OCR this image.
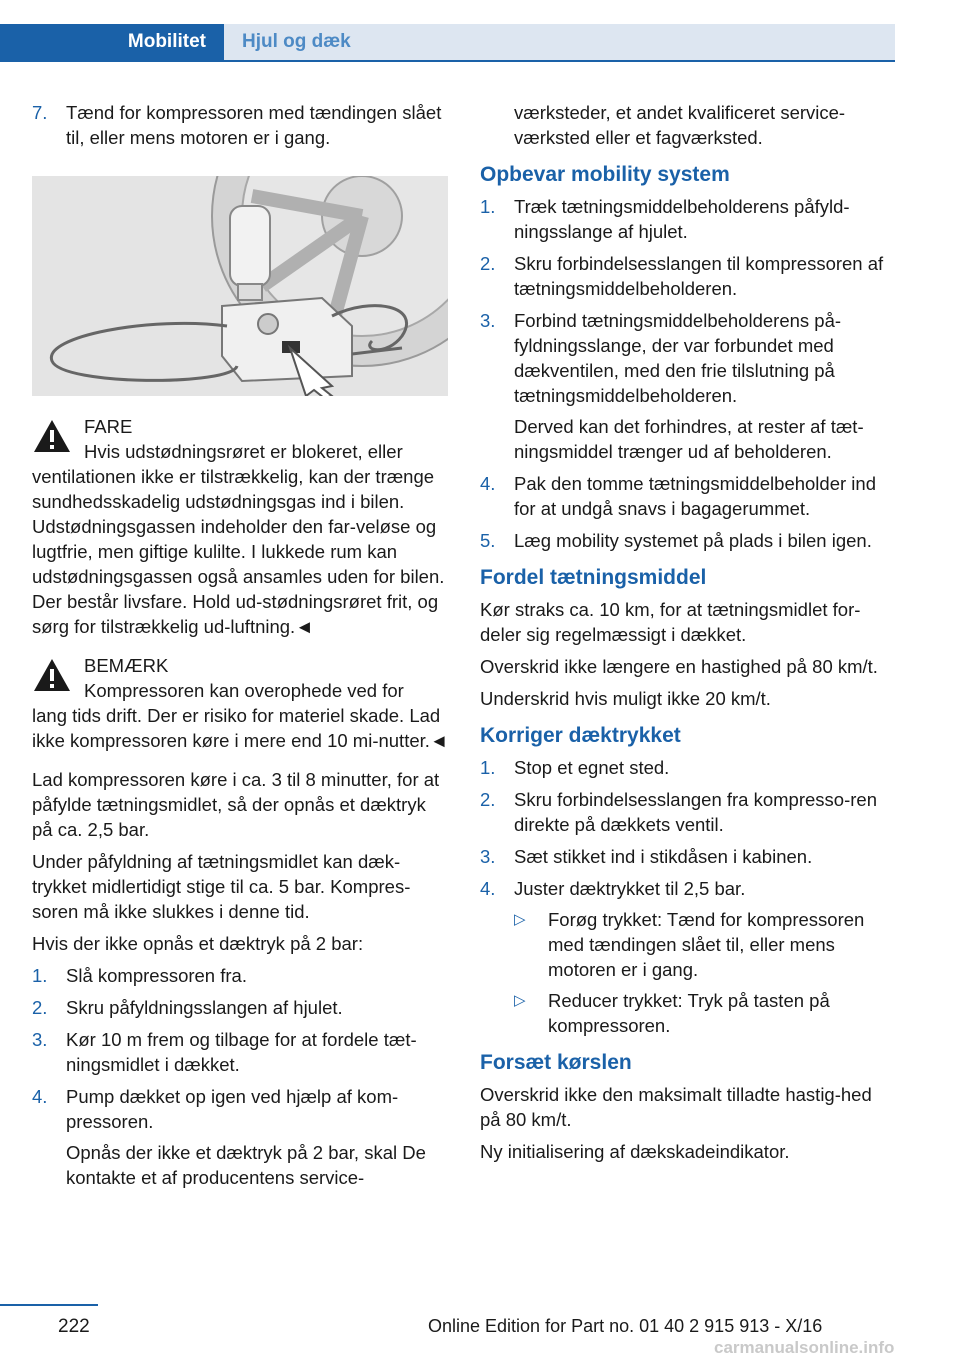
Mobilitet	Hjul og dæk
7. Tænd for kompressoren med tændingen slået til, eller mens motoren er i gang.

FARE

Hvis udstødningsrøret er blokeret, eller

ventilationen ikke er tilstrækkelig, kan der trænge sundhedsskadelig udstødningsgas ind i bilen. Udstødningsgassen indeholder den far-veløse og lugtfrie, men giftige kulilte. I lukkede rum kan udstødningsgassen også ansamles uden for bilen. Der består livsfare. Hold ud-stødningsrøret frit, og sørg for tilstrækkelig ud-luftning.◄

BEMÆRK

Kompressoren kan overophede ved for

lang tids drift. Der er risiko for materiel skade. Lad ikke kompressoren køre i mere end 10 mi-nutter.◄

Lad kompressoren køre i ca. 3 til 8 minutter, for at påfylde tætningsmidlet, så der opnås et dæktryk på ca. 2,5 bar.

Under påfyldning af tætningsmidlet kan dæk-trykket midlertidigt stige til ca. 5 bar. Kompres-soren må ikke slukkes i denne tid.

Hvis der ikke opnås et dæktryk på 2 bar:

1. Slå kompressoren fra.

2. Skru påfyldningsslangen af hjulet.

3. Kør 10 m frem og tilbage for at fordele tæt-ningsmidlet i dækket.

4. Pump dækket op igen ved hjælp af kom-pressoren.

Opnås der ikke et dæktryk på 2 bar, skal De kontakte et af producentens service-

værksteder, et andet kvalificeret service-værksted eller et fagværksted.

Opbevar mobility system
1. Træk tætningsmiddelbeholderens påfyld-ningsslange af hjulet.

2. Skru forbindelsesslangen til kompressoren af tætningsmiddelbeholderen.

3. Forbind tætningsmiddelbeholderens på-fyldningsslange, der var forbundet med dækventilen, med den frie tilslutning på tætningsmiddelbeholderen.

Derved kan det forhindres, at rester af tæt-ningsmiddel trænger ud af beholderen.

4. Pak den tomme tætningsmiddelbeholder ind for at undgå snavs i bagagerummet.

5. Læg mobility systemet på plads i bilen igen.

Fordel tætningsmiddel

Kør straks ca. 10 km, for at tætningsmidlet for-deler sig regelmæssigt i dækket.

Overskrid ikke længere en hastighed på 80 km/t.

Underskrid hvis muligt ikke 20 km/t.

Korriger dæktrykket
1. Stop et egnet sted.

2. Skru forbindelsesslangen fra kompresso-ren direkte på dækkets ventil.

3. Sæt stikket ind i stikdåsen i kabinen.

4. Juster dæktrykket til 2,5 bar.

▷ Forøg trykket: Tænd for kompressoren med tændingen slået til, eller mens motoren er i gang.

▷ Reducer trykket: Tryk på tasten på kompressoren.

Forsæt kørslen

Overskrid ikke den maksimalt tilladte hastig-hed på 80 km/t.

Ny initialisering af dækskadeindikator.

222	Online Edition for Part no. 01 40 2 915 913 - X/16
carmanualsonline.info
